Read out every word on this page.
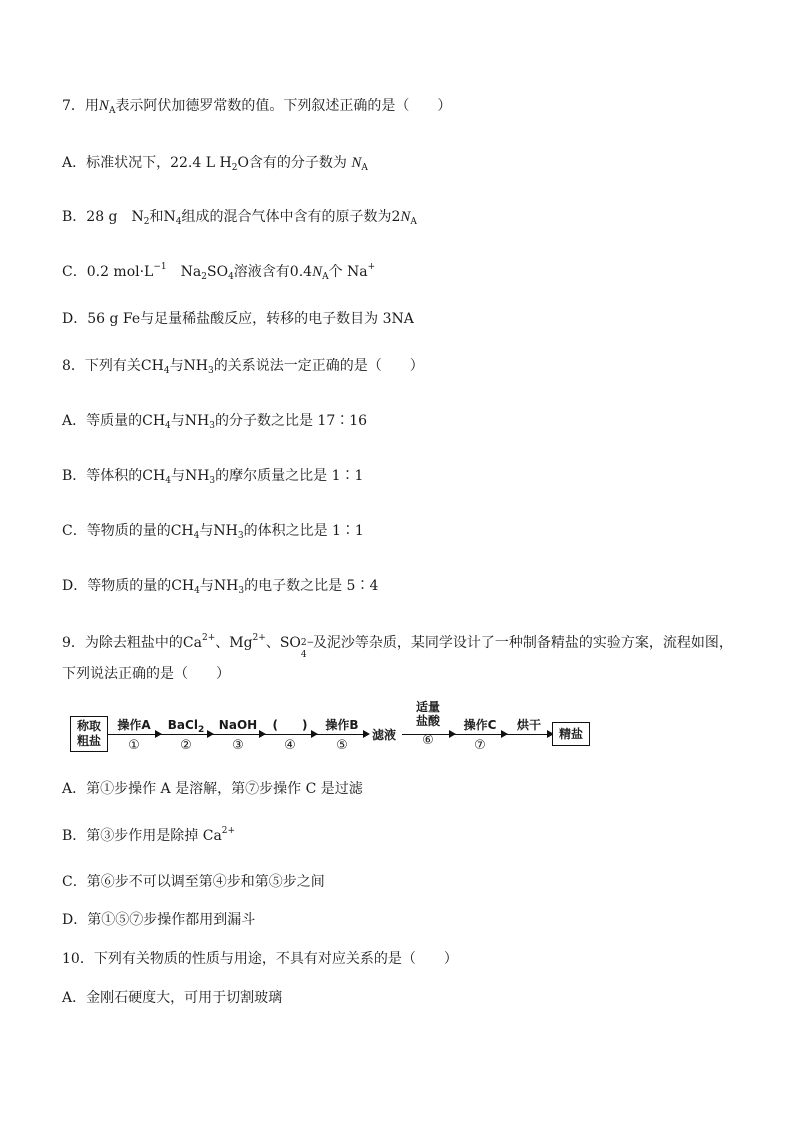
7．用$N_A$表示阿伏加德罗常数的值。下列叙述正确的是（　　）
A．标准状况下，22.4 L $H_2O$含有的分子数为 $N_A$
B．28 g　$N_2$和$N_4$组成的混合气体中含有的原子数为$2N_A$
C．0.2 $mol\cdot L^{-1}$　$Na_2SO_4$溶液含有$0.4N_A$个 Na+
D．56 g Fe与足量稀盐酸反应，转移的电子数目为 3NA
8．下列有关$CH_4$与$NH_3$的关系说法一定正确的是（　　）
A．等质量的$CH_4$与$NH_3$的分子数之比是 17∶16
B．等体积的$CH_4$与$NH_3$的摩尔质量之比是 1∶1
C．等物质的量的$CH_4$与$NH_3$的体积之比是 1∶1
D．等物质的量的$CH_4$与$NH_3$的电子数之比是 5∶4
9．为除去粗盐中的$Ca^{2+}$、$Mg^{2+}$、SO 2−
4
及泥沙等杂质，某同学设计了一种制备精盐的实验方案，流程如图，
下列说法正确的是（　　）
称取
粗盐
操作A
①
BaCl$_2$
②
NaOH
③
(　　)
④
操作B
⑤
滤液
适量
盐酸
⑥
操作C
⑦
烘干
精盐
A．第①步操作 A 是溶解，第⑦步操作 C 是过滤
B．第③步作用是除掉 $Ca^{2+}$
C．第⑥步不可以调至第④步和第⑤步之间
D．第①⑤⑦步操作都用到漏斗
10．下列有关物质的性质与用途，不具有对应关系的是（　　）
A．金刚石硬度大，可用于切割玻璃
